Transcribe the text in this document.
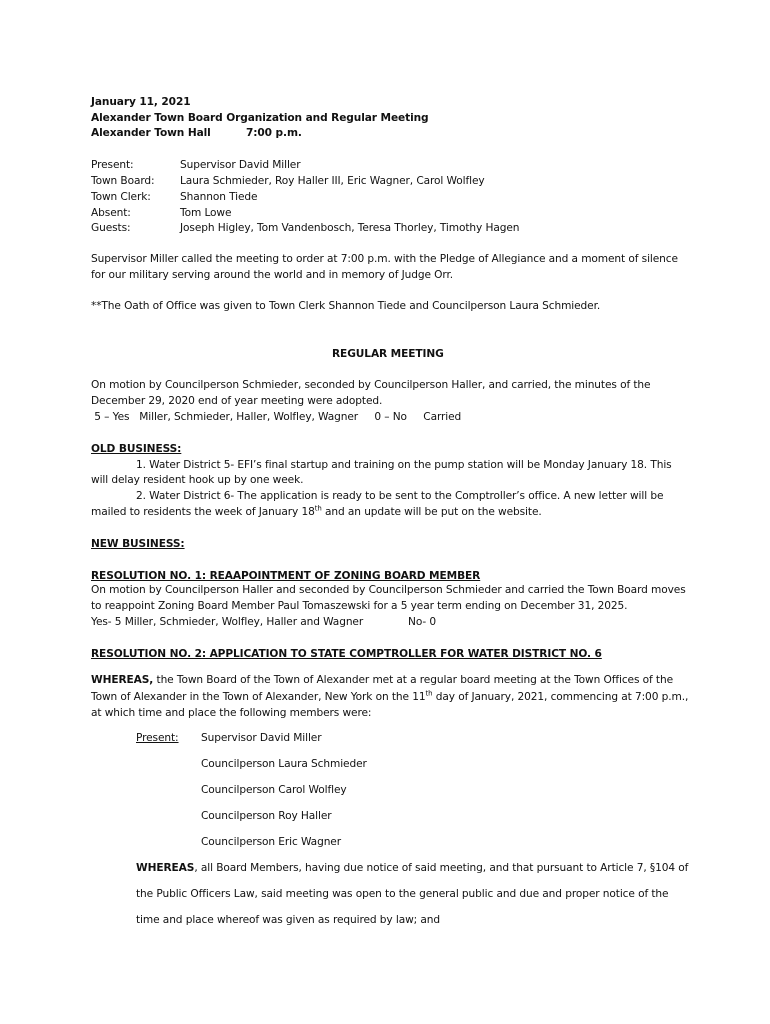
January 11, 2021
Alexander Town Board Organization and Regular Meeting
Alexander Town Hall	7:00 p.m.
Present:	Supervisor David Miller
Town Board: Laura Schmieder, Roy Haller III, Eric Wagner, Carol Wolfley
Town Clerk:	Shannon Tiede
Absent:	Tom Lowe
Guests:	Joseph Higley, Tom Vandenbosch, Teresa Thorley, Timothy Hagen
Supervisor Miller called the meeting to order at 7:00 p.m. with the Pledge of Allegiance and a moment of silence
for our military serving around the world and in memory of Judge Orr.
**The Oath of Office was given to Town Clerk Shannon Tiede and Councilperson Laura Schmieder.
REGULAR MEETING
On motion by Councilperson Schmieder, seconded by Councilperson Haller, and carried, the minutes of the
December 29, 2020 end of year meeting were adopted.
5 – Yes   Miller, Schmieder, Haller, Wolfley, Wagner     0 – No     Carried
OLD BUSINESS:
1. Water District 5- EFI’s final startup and training on the pump station will be Monday January 18. This
will delay resident hook up by one week.
2. Water District 6- The application is ready to be sent to the Comptroller’s office. A new letter will be
mailed to residents the week of January 18th and an update will be put on the website.
NEW BUSINESS:
RESOLUTION NO. 1: REAAPOINTMENT OF ZONING BOARD MEMBER
On motion by Councilperson Haller and seconded by Councilperson Schmieder and carried the Town Board moves
to reappoint Zoning Board Member Paul Tomaszewski for a 5 year term ending on December 31, 2025.
Yes- 5 Miller, Schmieder, Wolfley, Haller and Wagner	No- 0
RESOLUTION NO. 2: APPLICATION TO STATE COMPTROLLER FOR WATER DISTRICT NO. 6
WHEREAS, the Town Board of the Town of Alexander met at a regular board meeting at the Town Offices of the
Town of Alexander in the Town of Alexander, New York on the 11th day of January, 2021, commencing at 7:00 p.m.,
at which time and place the following members were:
Present: Supervisor David Miller
Councilperson Laura Schmieder
Councilperson Carol Wolfley
Councilperson Roy Haller
Councilperson Eric Wagner
WHEREAS, all Board Members, having due notice of said meeting, and that pursuant to Article 7, §104 of
the Public Officers Law, said meeting was open to the general public and due and proper notice of the
time and place whereof was given as required by law; and
